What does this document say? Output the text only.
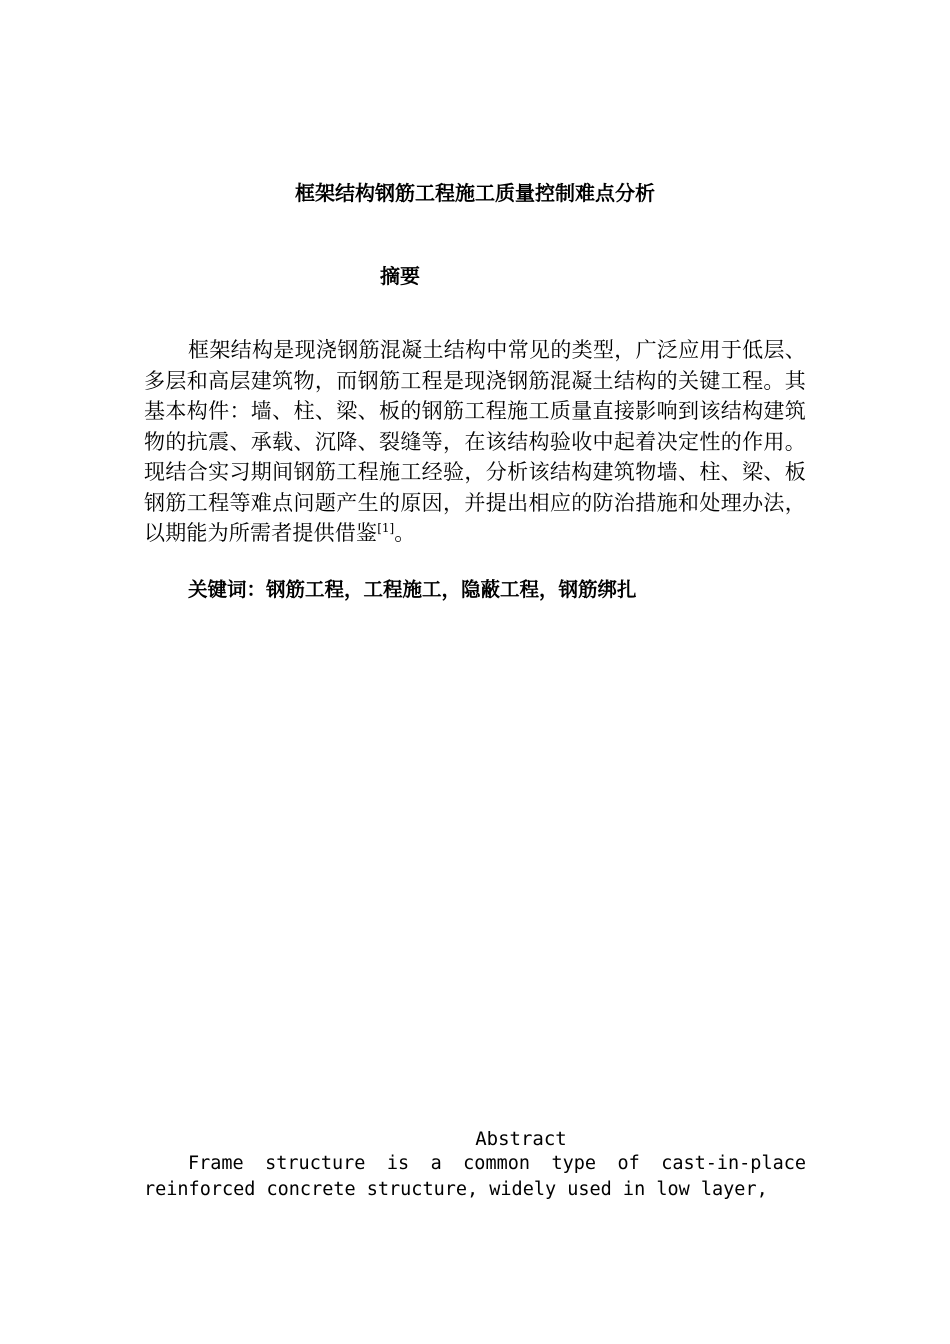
框架结构钢筋工程施工质量控制难点分析
摘要

框架结构是现浇钢筋混凝土结构中常见的类型，广泛应用于低层、多层和高层建筑物，而钢筋工程是现浇钢筋混凝土结构的关键工程。其基本构件：墙、柱、梁、板的钢筋工程施工质量直接影响到该结构建筑物的抗震、承载、沉降、裂缝等，在该结构验收中起着决定性的作用。现结合实习期间钢筋工程施工经验，分析该结构建筑物墙、柱、梁、板钢筋工程等难点问题产生的原因，并提出相应的防治措施和处理办法，以期能为所需者提供借鉴[1]。

关键词：钢筋工程，工程施工，隐蔽工程，钢筋绑扎
Abstract

Frame structure is a common type of cast-in-place reinforced concrete structure, widely used in low layer,
